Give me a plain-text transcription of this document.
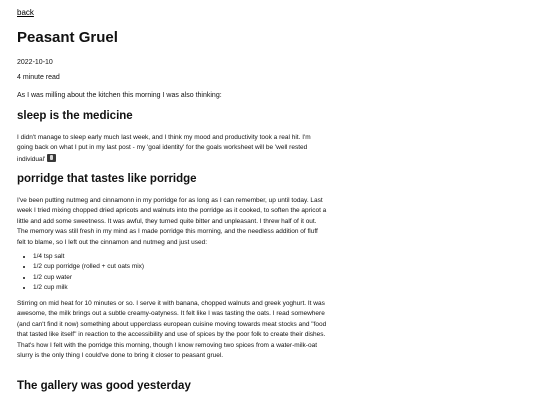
back
Peasant Gruel

2022-10-10

4 minute read

As I was milling about the kitchen this morning I was also thinking:

sleep is the medicine

I didn't manage to sleep early much last week, and I think my mood and productivity took a real hit. I'm going back on what I put in my last post - my 'goal identity' for the goals worksheet will be 'well rested individual'

porridge that tastes like porridge

I've been putting nutmeg and cinnamonn in my porridge for as long as I can remember, up until today. Last week I tried mixing chopped dried apricots and walnuts into the porridge as it cooked, to soften the apricot a little and add some sweetness. It was awful, they turned quite bitter and unpleasant. I threw half of it out. The memory was still fresh in my mind as I made porridge this morning, and the needless addition of fluff felt to blame, so I left out the cinnamon and nutmeg and just used:

• 1/4 tsp salt
• 1/2 cup porridge (rolled + cut oats mix)
• 1/2 cup water
• 1/2 cup milk

Stirring on mid heat for 10 minutes or so. I serve it with banana, chopped walnuts and greek yoghurt. It was awesome, the milk brings out a subtle creamy-oatyness. It felt like I was tasting the oats. I read somewhere (and can't find it now) something about upperclass european cuisine moving towards meat stocks and "food that tasted like itself" in reaction to the accessibility and use of spices by the poor folk to create their dishes. That's how I felt with the porridge this morning, though I know removing two spices from a water-milk-oat slurry is the only thing I could've done to bring it closer to peasant gruel.

The gallery was good yesterday
